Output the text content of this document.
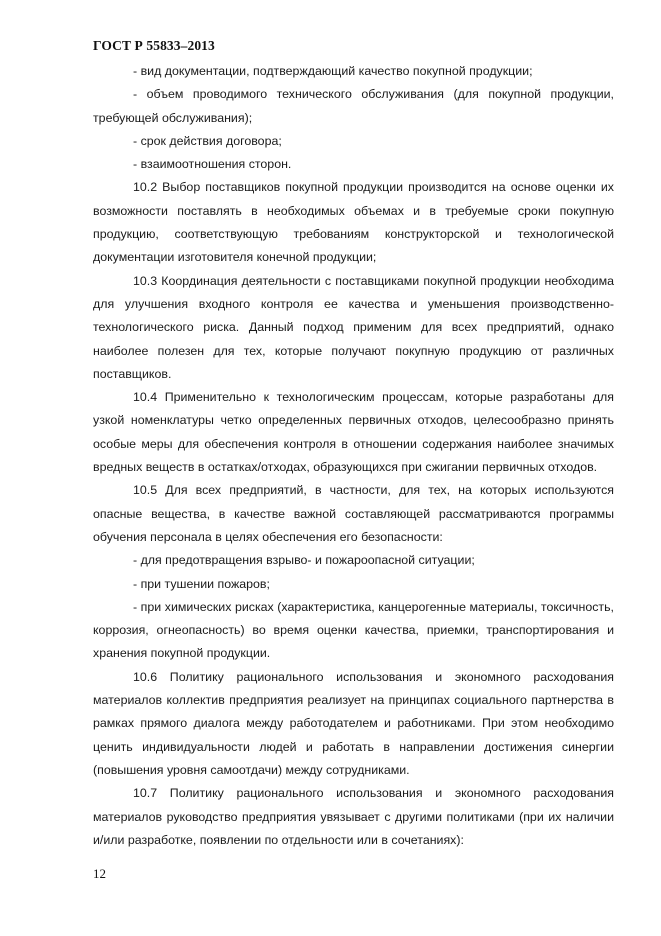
ГОСТ Р 55833–2013

- вид документации, подтверждающий качество покупной продукции;

- объем проводимого технического обслуживания (для покупной продукции, требующей обслуживания);

- срок действия договора;

- взаимоотношения сторон.

10.2 Выбор поставщиков покупной продукции производится на основе оценки их возможности поставлять в необходимых объемах и в требуемые сроки покупную продукцию, соответствующую требованиям конструкторской и технологической документации изготовителя конечной продукции;

10.3 Координация деятельности с поставщиками покупной продукции необходима для улучшения входного контроля ее качества и уменьшения производственно-технологического риска. Данный подход применим для всех предприятий, однако наиболее полезен для тех, которые получают покупную продукцию от различных поставщиков.

10.4 Применительно к технологическим процессам, которые разработаны для узкой номенклатуры четко определенных первичных отходов, целесообразно принять особые меры для обеспечения контроля в отношении содержания наиболее значимых вредных веществ в остатках/отходах, образующихся при сжигании первичных отходов.

10.5 Для всех предприятий, в частности, для тех, на которых используются опасные вещества, в качестве важной составляющей рассматриваются программы обучения персонала в целях обеспечения его безопасности:

- для предотвращения взрыво- и пожароопасной ситуации;

- при тушении пожаров;

- при химических рисках (характеристика, канцерогенные материалы, токсичность, коррозия, огнеопасность) во время оценки качества, приемки, транспортирования и хранения покупной продукции.

10.6 Политику рационального использования и экономного расходования материалов коллектив предприятия реализует на принципах социального партнерства в рамках прямого диалога между работодателем и работниками. При этом необходимо ценить индивидуальности людей и работать в направлении достижения синергии (повышения уровня самоотдачи) между сотрудниками.

10.7 Политику рационального использования и экономного расходования материалов руководство предприятия увязывает с другими политиками (при их наличии и/или разработке, появлении по отдельности или в сочетаниях):

12
